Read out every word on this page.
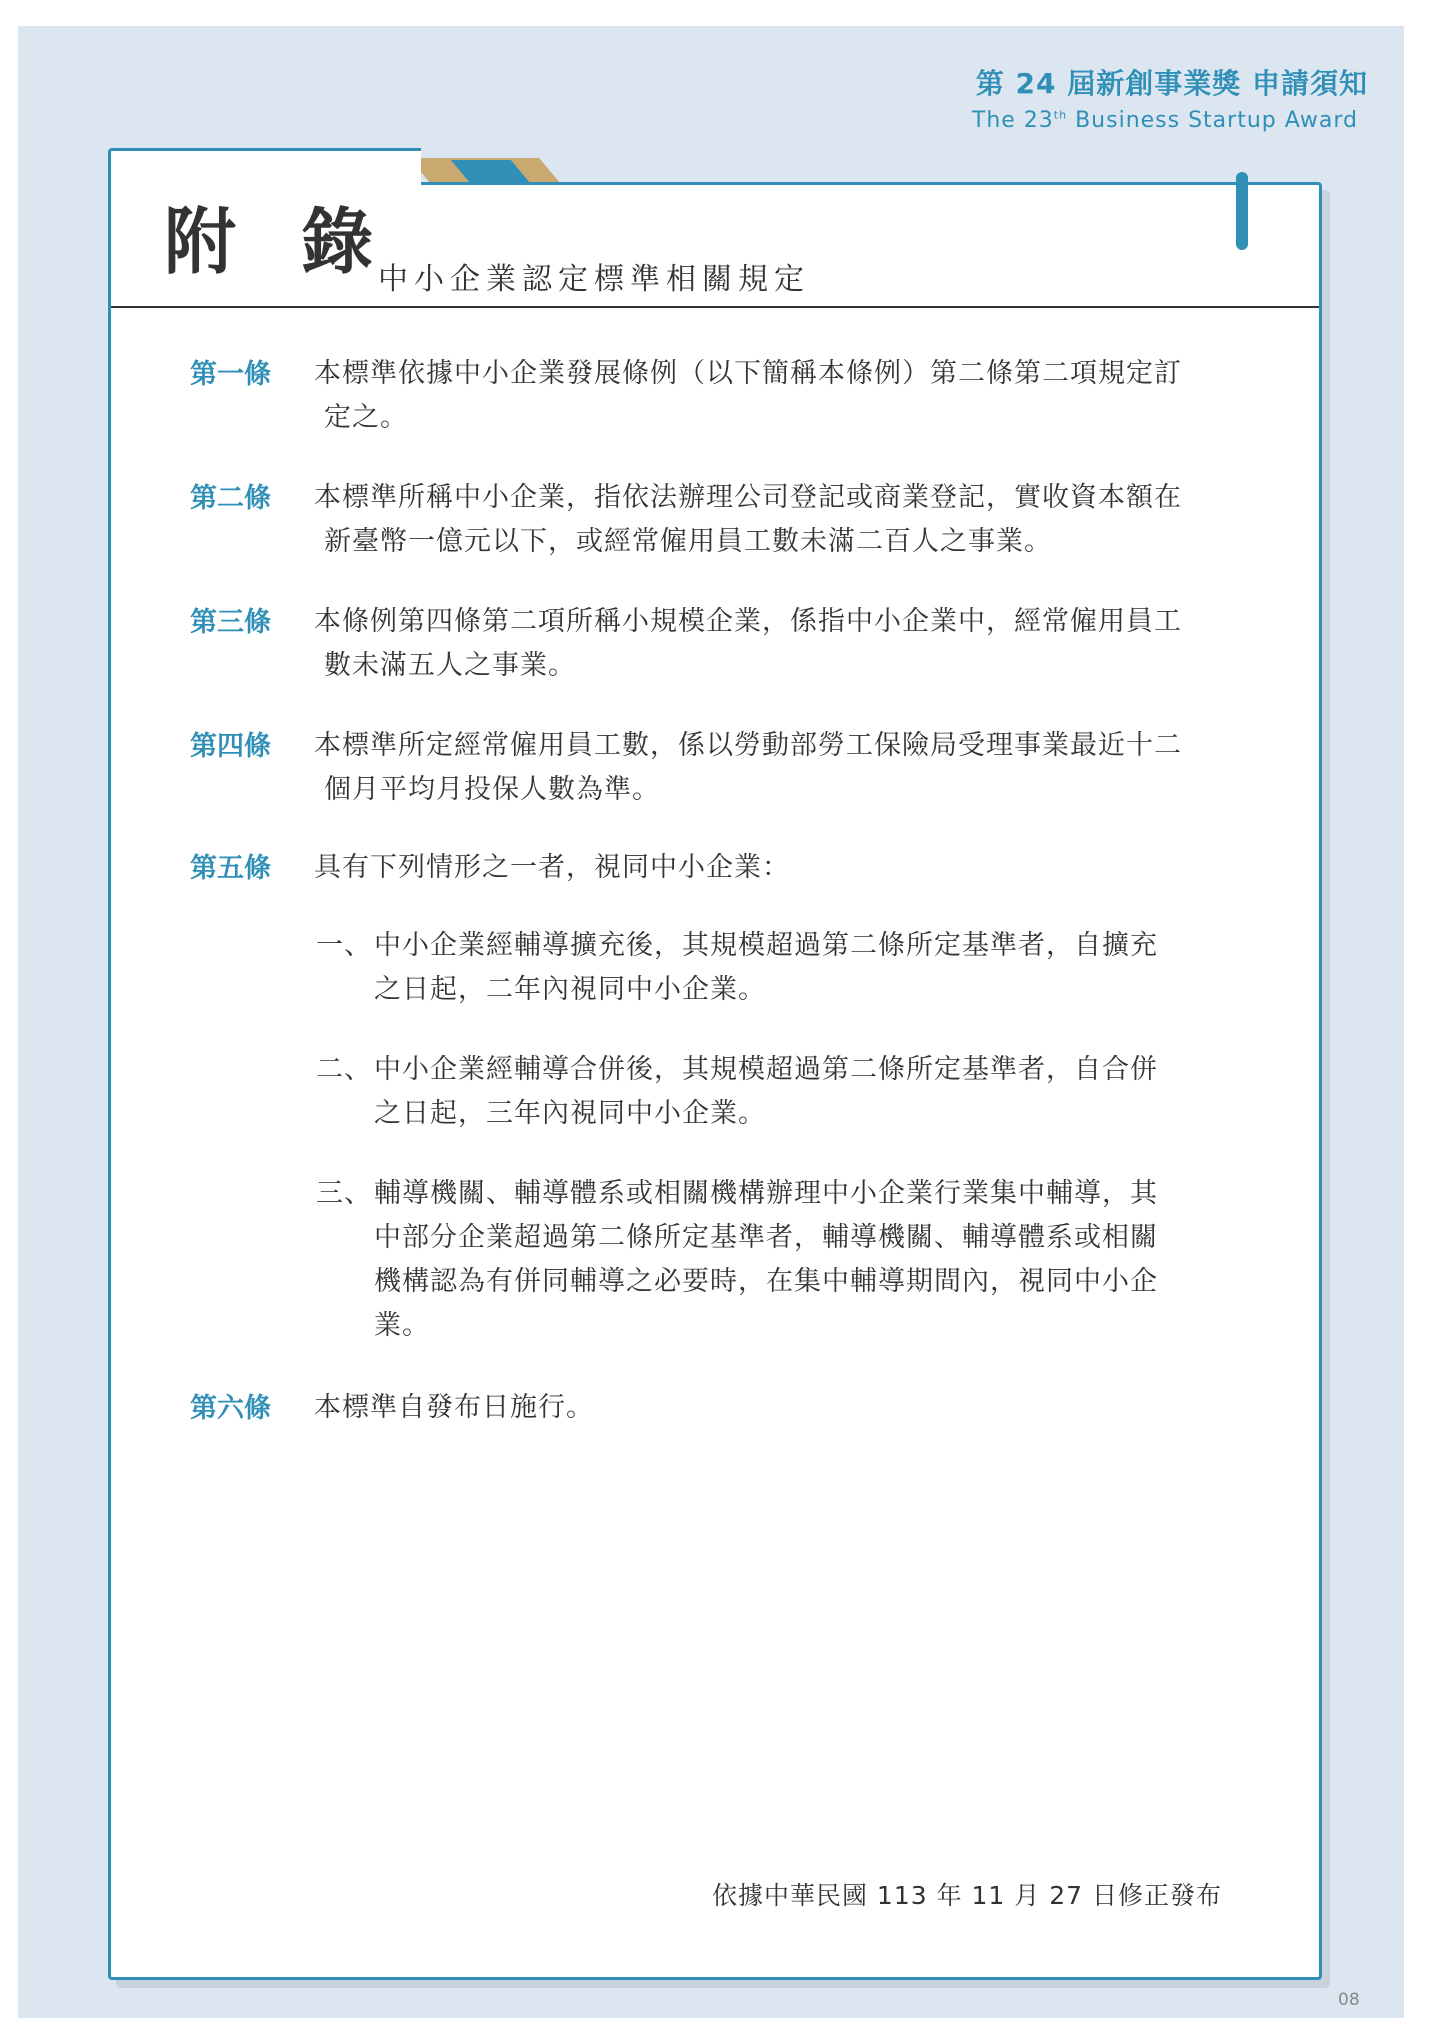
第 24 屆新創事業獎 申請須知
The 23th Business Startup Award
附 錄
中小企業認定標準相關規定
第一條 本標準依據中小企業發展條例（以下簡稱本條例）第二條第二項規定訂
定之。
第二條 本標準所稱中小企業，指依法辦理公司登記或商業登記，實收資本額在
新臺幣一億元以下，或經常僱用員工數未滿二百人之事業。
第三條 本條例第四條第二項所稱小規模企業，係指中小企業中，經常僱用員工
數未滿五人之事業。
第四條 本標準所定經常僱用員工數，係以勞動部勞工保險局受理事業最近十二
個月平均月投保人數為準。
第五條 具有下列情形之一者，視同中小企業：
一、 中小企業經輔導擴充後，其規模超過第二條所定基準者，自擴充
之日起，二年內視同中小企業。
二、 中小企業經輔導合併後，其規模超過第二條所定基準者，自合併
之日起，三年內視同中小企業。
三、 輔導機關、輔導體系或相關機構辦理中小企業行業集中輔導，其
中部分企業超過第二條所定基準者，輔導機關、輔導體系或相關
機構認為有併同輔導之必要時，在集中輔導期間內，視同中小企
業。
第六條 本標準自發布日施行。
依據中華民國 113 年 11 月 27 日修正發布
08
